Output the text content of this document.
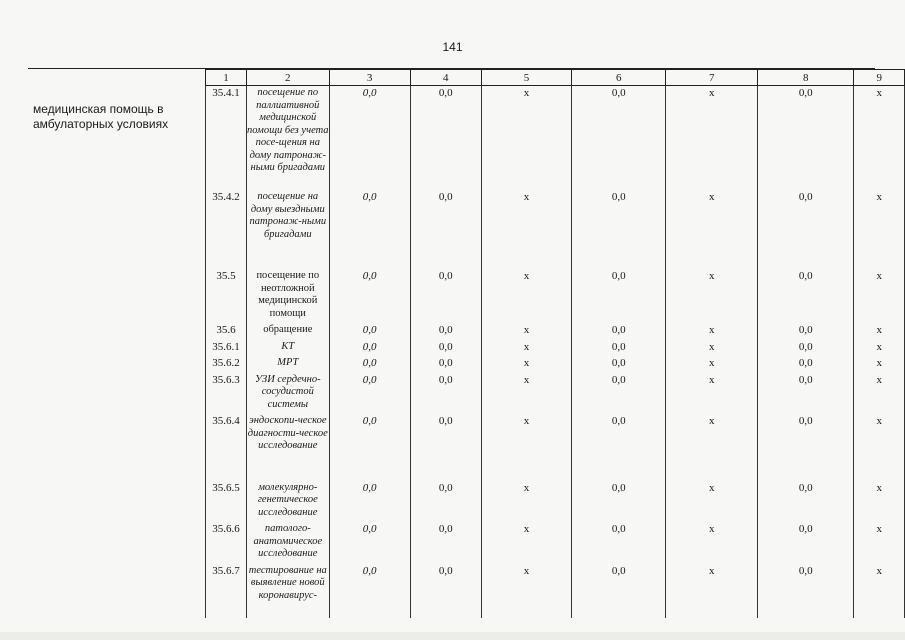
141
медицинская помощь в амбулаторных условиях
1	2	3	4	5	6	7	8	9
35.4.1	посещение по паллиативной медицинской помощи без учета посе-щения на дому патронаж-ными бригадами	0,0	0,0	х	0,0	х	0,0	х
35.4.2	посещение на дому выездными патронаж-ными бригадами	0,0	0,0	х	0,0	х	0,0	х
35.5	посещение по неотложной медицинской помощи	0,0	0,0	х	0,0	х	0,0	х
35.6	обращение	0,0	0,0	х	0,0	х	0,0	х
35.6.1	КТ	0,0	0,0	х	0,0	х	0,0	х
35.6.2	МРТ	0,0	0,0	х	0,0	х	0,0	х
35.6.3	УЗИ сердечно-сосудистой системы	0,0	0,0	х	0,0	х	0,0	х
35.6.4	эндоскопи-ческое диагности-ческое исследование	0,0	0,0	х	0,0	х	0,0	х
35.6.5	молекулярно-генетическое исследование	0,0	0,0	х	0,0	х	0,0	х
35.6.6	патолого-анатомическое исследование	0,0	0,0	х	0,0	х	0,0	х
35.6.7	тестирование на выявление новой коронавирус-	0,0	0,0	х	0,0	х	0,0	х
